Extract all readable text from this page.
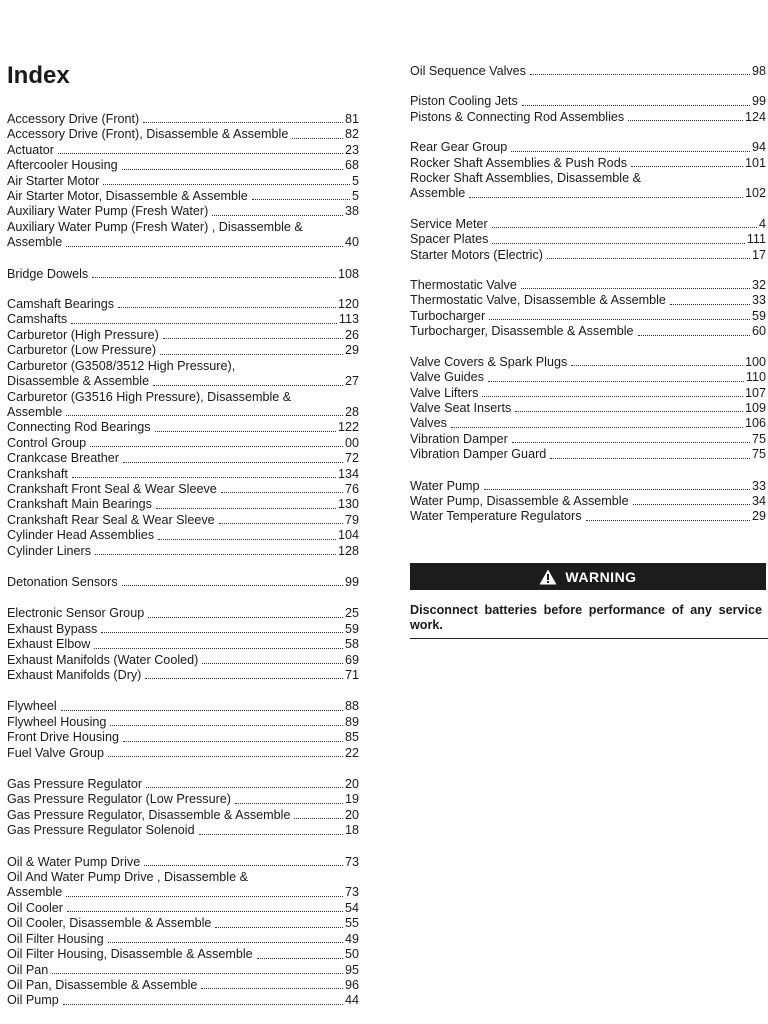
Index
Accessory Drive (Front)	81
Accessory Drive (Front), Disassemble & Assemble	82
Actuator	23
Aftercooler Housing	68
Air Starter Motor	5
Air Starter Motor, Disassemble & Assemble	5
Auxiliary Water Pump (Fresh Water)	38
Auxiliary Water Pump (Fresh Water) , Disassemble &
Assemble	40
Bridge Dowels	108
Camshaft Bearings	120
Camshafts	113
Carburetor (High Pressure)	26
Carburetor (Low Pressure)	29
Carburetor (G3508/3512 High Pressure),
Disassemble & Assemble	27
Carburetor (G3516 High Pressure), Disassemble &
Assemble	28
Connecting Rod Bearings	122
Control Group	00
Crankcase Breather	72
Crankshaft	134
Crankshaft Front Seal & Wear Sleeve	76
Crankshaft Main Bearings	130
Crankshaft Rear Seal & Wear Sleeve	79
Cylinder Head Assemblies	104
Cylinder Liners	128
Detonation Sensors	99
Electronic Sensor Group	25
Exhaust Bypass	59
Exhaust Elbow	58
Exhaust Manifolds (Water Cooled)	69
Exhaust Manifolds (Dry)	71
Flywheel	88
Flywheel Housing	89
Front Drive Housing	85
Fuel Valve Group	22
Gas Pressure Regulator	20
Gas Pressure Regulator (Low Pressure)	19
Gas Pressure Regulator, Disassemble & Assemble	20
Gas Pressure Regulator Solenoid	18
Oil & Water Pump Drive	73
Oil And Water Pump Drive , Disassemble &
Assemble	73
Oil Cooler	54
Oil Cooler, Disassemble & Assemble	55
Oil Filter Housing	49
Oil Filter Housing, Disassemble & Assemble	50
Oil Pan	95
Oil Pan, Disassemble & Assemble	96
Oil Pump	44
Oil Sequence Valves	98
Piston Cooling Jets	99
Pistons & Connecting Rod Assemblies	124
Rear Gear Group	94
Rocker Shaft Assemblies & Push Rods	101
Rocker Shaft Assemblies, Disassemble &
Assemble	102
Service Meter	4
Spacer Plates	111
Starter Motors (Electric)	17
Thermostatic Valve	32
Thermostatic Valve, Disassemble & Assemble	33
Turbocharger	59
Turbocharger, Disassemble & Assemble	60
Valve Covers & Spark Plugs	100
Valve Guides	110
Valve Lifters	107
Valve Seat Inserts	109
Valves	106
Vibration Damper	75
Vibration Damper Guard	75
Water Pump	33
Water Pump, Disassemble & Assemble	34
Water Temperature Regulators	29
WARNING

Disconnect batteries before performance of any service work.
